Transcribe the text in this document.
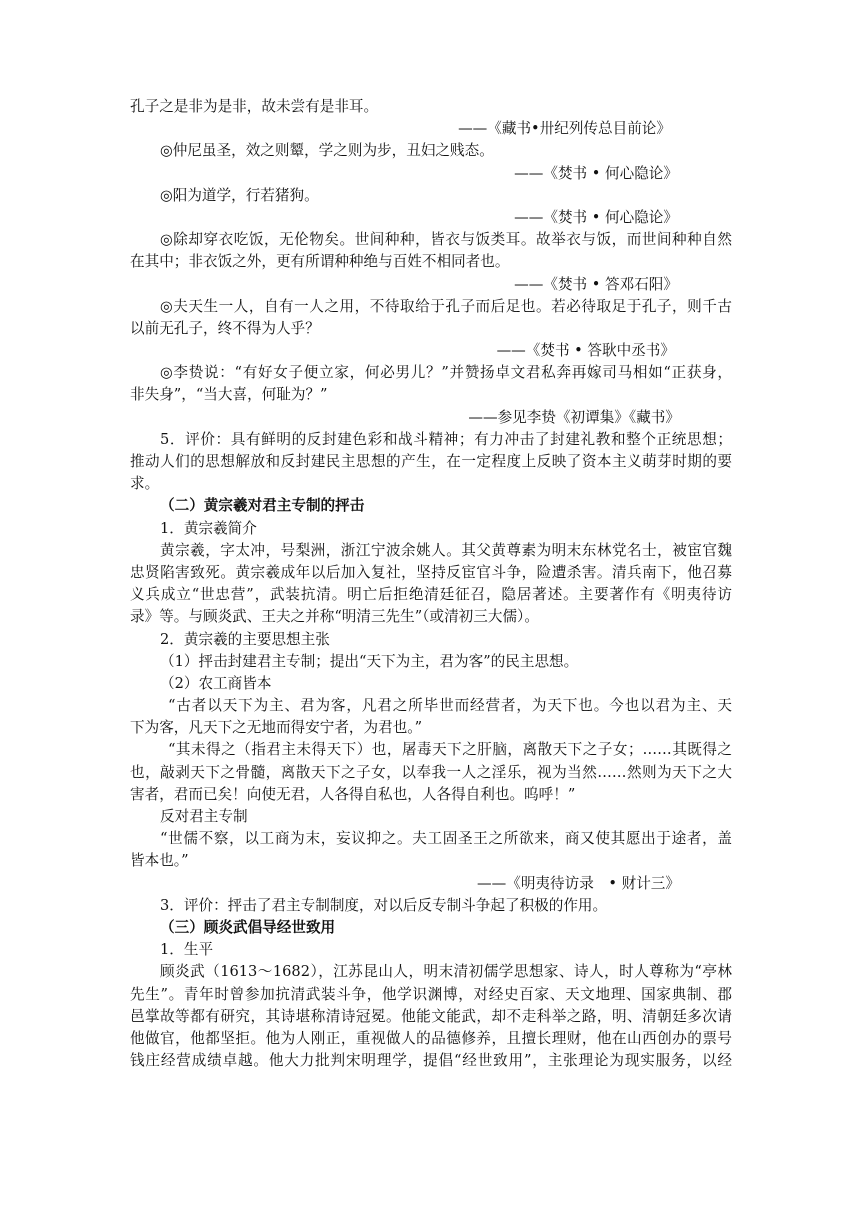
孔子之是非为是非，故未尝有是非耳。
——《藏书•卅纪列传总目前论》
◎仲尼虽圣，效之则颦，学之则为步，丑妇之贱态。
——《焚书 • 何心隐论》
◎阳为道学，行若猪狗。
——《焚书 • 何心隐论》
◎除却穿衣吃饭，无伦物矣。世间种种，皆衣与饭类耳。故举衣与饭，而世间种种自然
在其中；非衣饭之外，更有所谓种种绝与百姓不相同者也。
——《焚书 • 答邓石阳》
◎夫天生一人，自有一人之用，不待取给于孔子而后足也。若必待取足于孔子，则千古
以前无孔子，终不得为人乎？
——《焚书 • 答耿中丞书》
◎李贽说：“有好女子便立家，何必男儿？”并赞扬卓文君私奔再嫁司马相如“正获身，
非失身”，“当大喜，何耻为？”
——参见李贽《初谭集》《藏书》
5．评价：具有鲜明的反封建色彩和战斗精神；有力冲击了封建礼教和整个正统思想；
推动人们的思想解放和反封建民主思想的产生，在一定程度上反映了资本主义萌芽时期的要
求。
（二）黄宗羲对君主专制的抨击
1．黄宗羲简介
黄宗羲，字太冲，号梨洲，浙江宁波余姚人。其父黄尊素为明末东林党名士，被宦官魏
忠贤陷害致死。黄宗羲成年以后加入复社，坚持反宦官斗争，险遭杀害。清兵南下，他召募
义兵成立“世忠营”，武装抗清。明亡后拒绝清廷征召，隐居著述。主要著作有《明夷待访
录》等。与顾炎武、王夫之并称“明清三先生”（或清初三大儒）。
2．黄宗羲的主要思想主张
（1）抨击封建君主专制；提出“天下为主，君为客”的民主思想。
（2）农工商皆本
“古者以天下为主、君为客，凡君之所毕世而经营者，为天下也。今也以君为主、天
下为客，凡天下之无地而得安宁者，为君也。”
“其未得之（指君主未得天下）也，屠毒天下之肝脑，离散天下之子女；……其既得之
也，敲剥天下之骨髓，离散天下之子女，以奉我一人之淫乐，视为当然……然则为天下之大
害者，君而已矣！向使无君，人各得自私也，人各得自利也。呜呼！”
反对君主专制
“世儒不察，以工商为末，妄议抑之。夫工固圣王之所欲来，商又使其愿出于途者，盖
皆本也。”
——《明夷待访录　• 财计三》
3．评价：抨击了君主专制制度，对以后反专制斗争起了积极的作用。
（三）顾炎武倡导经世致用
1．生平
顾炎武（1613～1682），江苏昆山人，明末清初儒学思想家、诗人，时人尊称为“亭林
先生”。青年时曾参加抗清武装斗争，他学识渊博，对经史百家、天文地理、国家典制、郡
邑掌故等都有研究，其诗堪称清诗冠冕。他能文能武，却不走科举之路，明、清朝廷多次请
他做官，他都坚拒。他为人刚正，重视做人的品德修养，且擅长理财，他在山西创办的票号
钱庄经营成绩卓越。他大力批判宋明理学，提倡“经世致用”，主张理论为现实服务，以经
